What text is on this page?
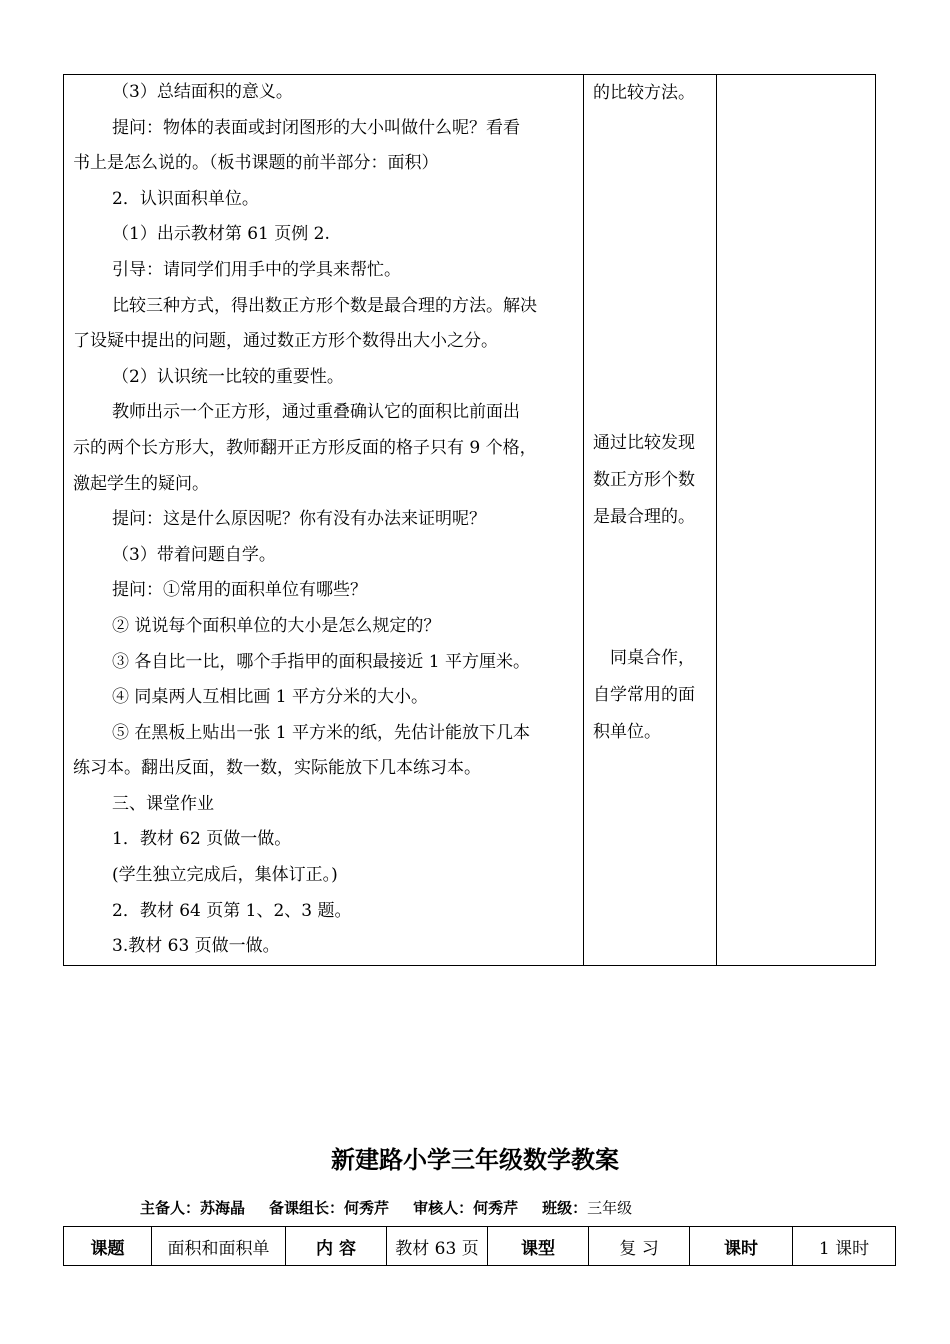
（3）总结面积的意义。
提问：物体的表面或封闭图形的大小叫做什么呢？看看
书上是怎么说的。（板书课题的前半部分：面积）
2．认识面积单位。
（1）出示教材第 61 页例 2.
引导：请同学们用手中的学具来帮忙。
比较三种方式，得出数正方形个数是最合理的方法。解决
了设疑中提出的问题，通过数正方形个数得出大小之分。
（2）认识统一比较的重要性。
教师出示一个正方形，通过重叠确认它的面积比前面出
示的两个长方形大，教师翻开正方形反面的格子只有 9 个格，
激起学生的疑问。
提问：这是什么原因呢？你有没有办法来证明呢？
（3）带着问题自学。
提问：①常用的面积单位有哪些？
② 说说每个面积单位的大小是怎么规定的？
③ 各自比一比，哪个手指甲的面积最接近 1 平方厘米。
④ 同桌两人互相比画 1 平方分米的大小。
⑤ 在黑板上贴出一张 1 平方米的纸，先估计能放下几本
练习本。翻出反面，数一数，实际能放下几本练习本。
三、课堂作业
1．教材 62 页做一做。
(学生独立完成后，集体订正。)
2．教材 64 页第 1、2、3 题。
3.教材 63 页做一做。

的比较方法。
通过比较发现
数正方形个数
是最合理的。
同桌合作，
自学常用的面
积单位。

新建路小学三年级数学教案
主备人：苏海晶 备课组长：何秀芹 审核人：何秀芹 班级：三年级
课题	面积和面积单	内 容	教材 63 页	课型	复 习	课时	1 课时
